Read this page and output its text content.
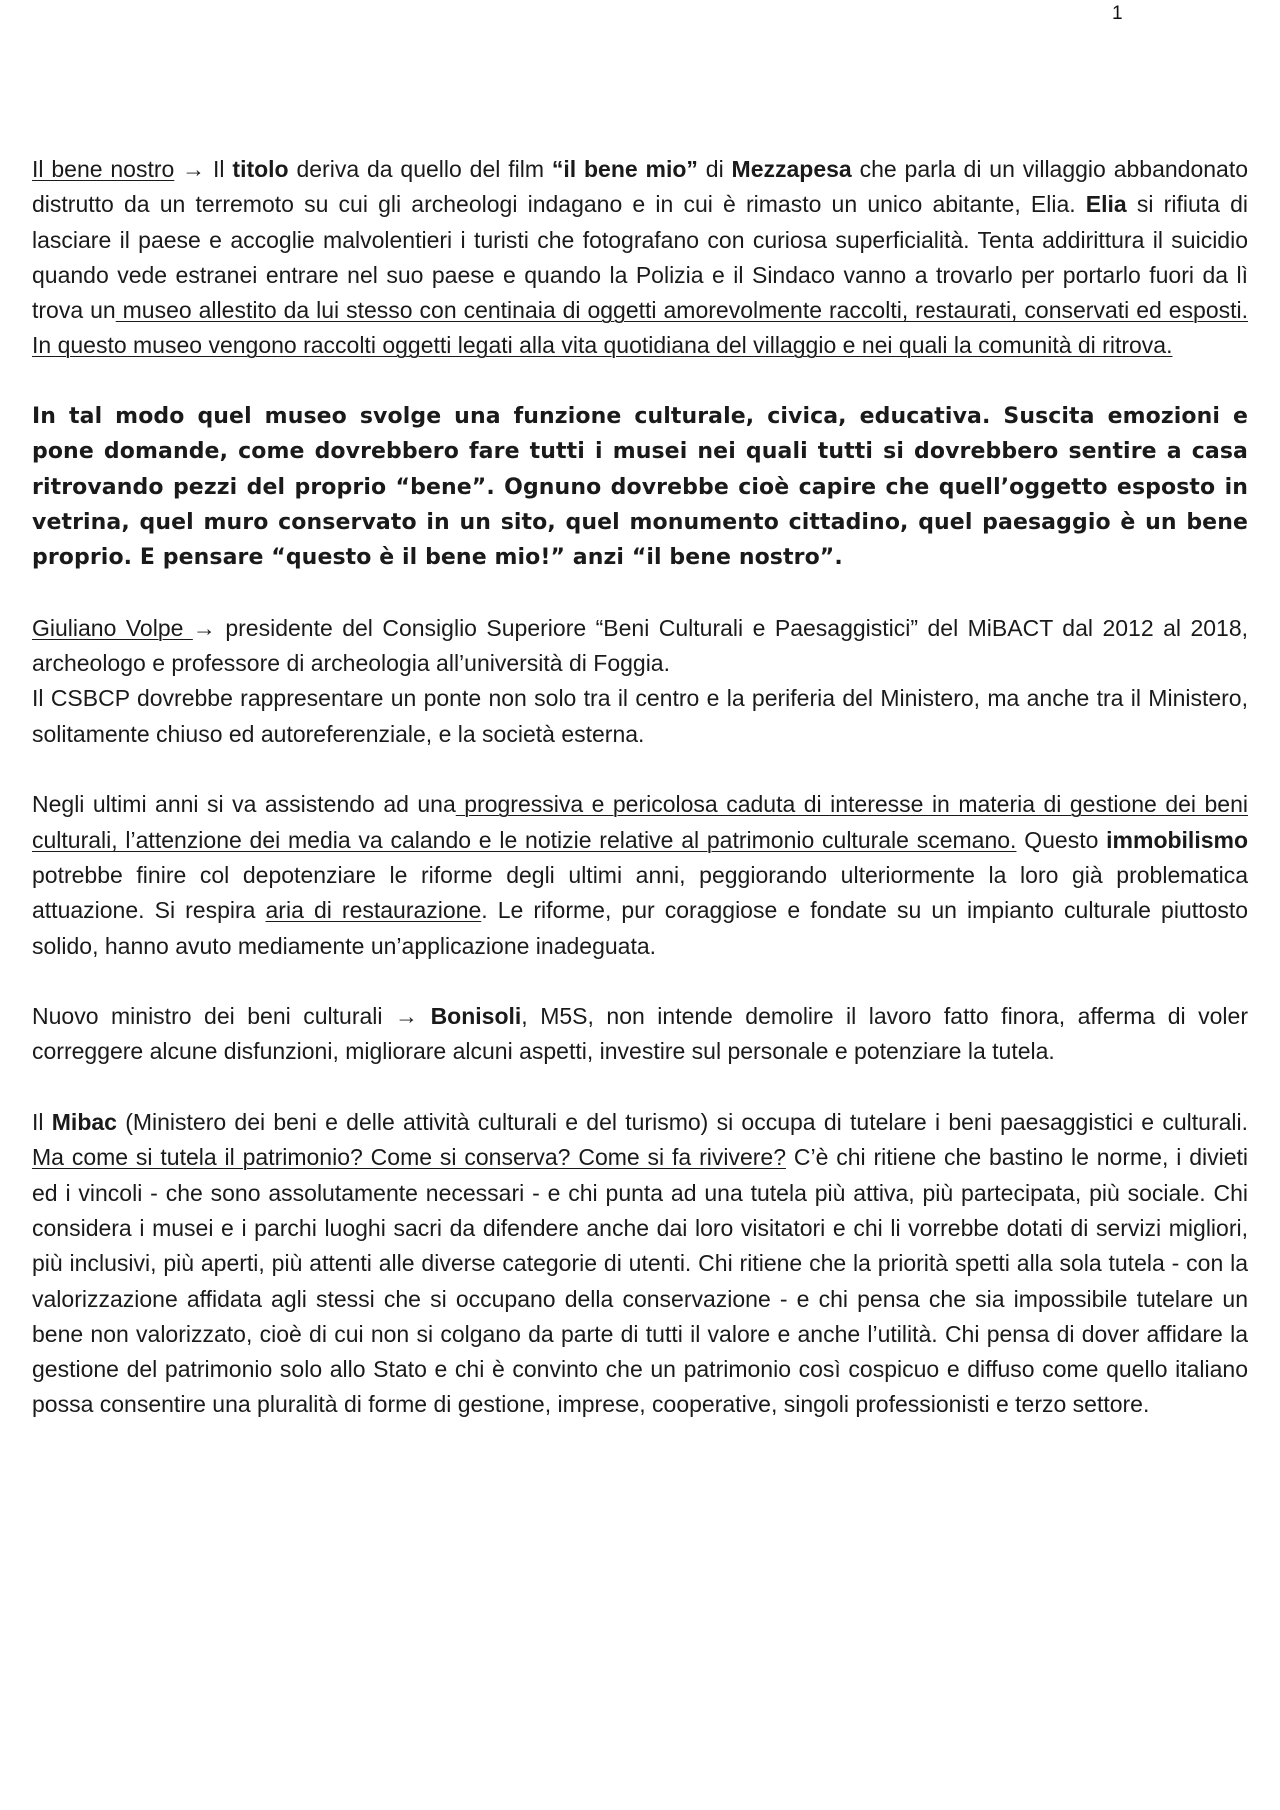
1

Il bene nostro → Il titolo deriva da quello del film “il bene mio” di Mezzapesa che parla di un villaggio abbandonato distrutto da un terremoto su cui gli archeologi indagano e in cui è rimasto un unico abitante, Elia. Elia si rifiuta di lasciare il paese e accoglie malvolentieri i turisti che fotografano con curiosa superficialità. Tenta addirittura il suicidio quando vede estranei entrare nel suo paese e quando la Polizia e il Sindaco vanno a trovarlo per portarlo fuori da lì trova un museo allestito da lui stesso con centinaia di oggetti amorevolmente raccolti, restaurati, conservati ed esposti. In questo museo vengono raccolti oggetti legati alla vita quotidiana del villaggio e nei quali la comunità di ritrova.

In tal modo quel museo svolge una funzione culturale, civica, educativa. Suscita emozioni e pone domande, come dovrebbero fare tutti i musei nei quali tutti si dovrebbero sentire a casa ritrovando pezzi del proprio “bene”. Ognuno dovrebbe cioè capire che quell’oggetto esposto in vetrina, quel muro conservato in un sito, quel monumento cittadino, quel paesaggio è un bene proprio. E pensare “questo è il bene mio!” anzi “il bene nostro”.

Giuliano Volpe → presidente del Consiglio Superiore “Beni Culturali e Paesaggistici” del MiBACT dal 2012 al 2018, archeologo e professore di archeologia all’università di Foggia.
Il CSBCP dovrebbe rappresentare un ponte non solo tra il centro e la periferia del Ministero, ma anche tra il Ministero, solitamente chiuso ed autoreferenziale, e la società esterna.

Negli ultimi anni si va assistendo ad una progressiva e pericolosa caduta di interesse in materia di gestione dei beni culturali, l’attenzione dei media va calando e le notizie relative al patrimonio culturale scemano. Questo immobilismo potrebbe finire col depotenziare le riforme degli ultimi anni, peggiorando ulteriormente la loro già problematica attuazione. Si respira aria di restaurazione. Le riforme, pur coraggiose e fondate su un impianto culturale piuttosto solido, hanno avuto mediamente un’applicazione inadeguata.

Nuovo ministro dei beni culturali → Bonisoli, M5S, non intende demolire il lavoro fatto finora, afferma di voler correggere alcune disfunzioni, migliorare alcuni aspetti, investire sul personale e potenziare la tutela.

Il Mibac (Ministero dei beni e delle attività culturali e del turismo) si occupa di tutelare i beni paesaggistici e culturali. Ma come si tutela il patrimonio? Come si conserva? Come si fa rivivere? C’è chi ritiene che bastino le norme, i divieti ed i vincoli - che sono assolutamente necessari - e chi punta ad una tutela più attiva, più partecipata, più sociale. Chi considera i musei e i parchi luoghi sacri da difendere anche dai loro visitatori e chi li vorrebbe dotati di servizi migliori, più inclusivi, più aperti, più attenti alle diverse categorie di utenti. Chi ritiene che la priorità spetti alla sola tutela - con la valorizzazione affidata agli stessi che si occupano della conservazione - e chi pensa che sia impossibile tutelare un bene non valorizzato, cioè di cui non si colgano da parte di tutti il valore e anche l’utilità. Chi pensa di dover affidare la gestione del patrimonio solo allo Stato e chi è convinto che un patrimonio così cospicuo e diffuso come quello italiano possa consentire una pluralità di forme di gestione, imprese, cooperative, singoli professionisti e terzo settore.
